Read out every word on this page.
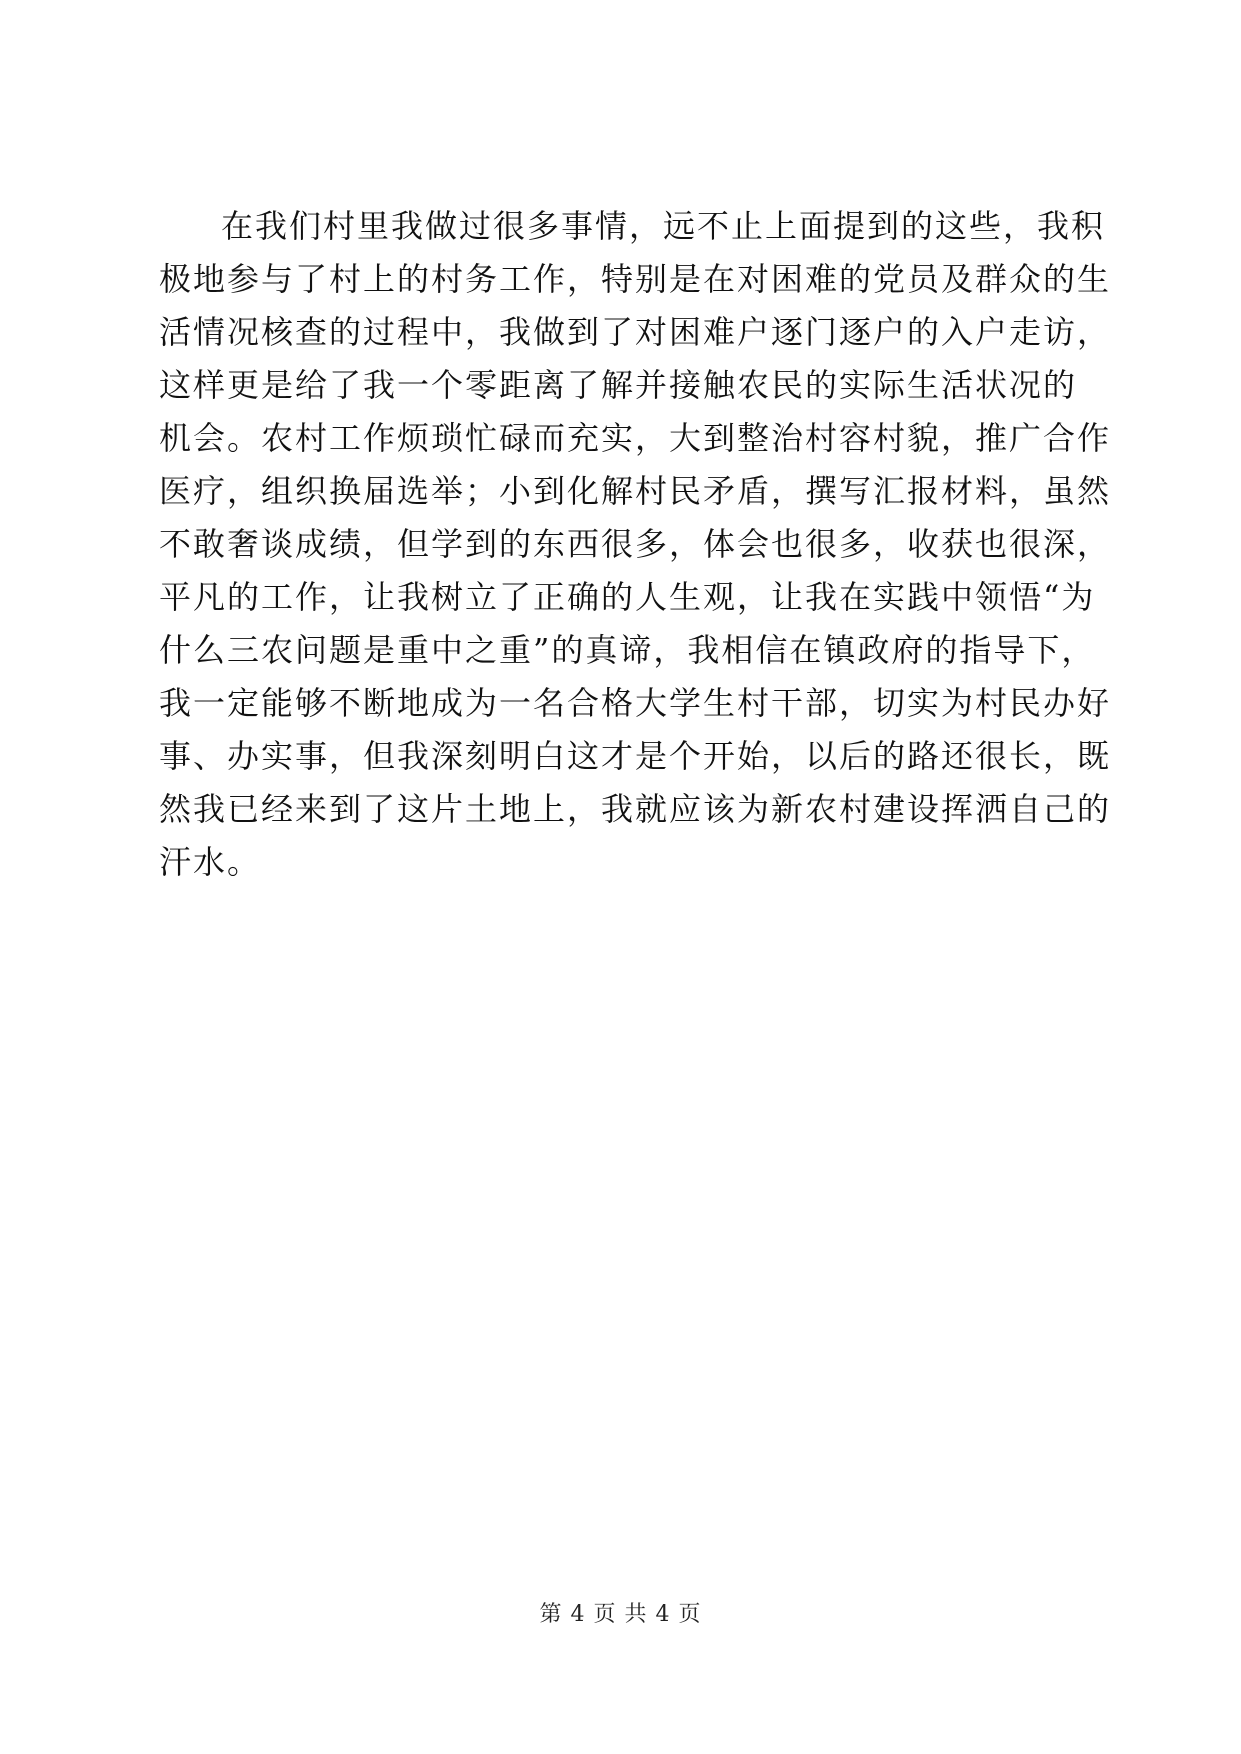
在我们村里我做过很多事情，远不止上面提到的这些，我积
极地参与了村上的村务工作，特别是在对困难的党员及群众的生
活情况核查的过程中，我做到了对困难户逐门逐户的入户走访，
这样更是给了我一个零距离了解并接触农民的实际生活状况的
机会。农村工作烦琐忙碌而充实，大到整治村容村貌，推广合作
医疗，组织换届选举；小到化解村民矛盾，撰写汇报材料，虽然
不敢奢谈成绩，但学到的东西很多，体会也很多，收获也很深，
平凡的工作，让我树立了正确的人生观，让我在实践中领悟“为
什么三农问题是重中之重”的真谛，我相信在镇政府的指导下，
我一定能够不断地成为一名合格大学生村干部，切实为村民办好
事、办实事，但我深刻明白这才是个开始，以后的路还很长，既
然我已经来到了这片土地上，我就应该为新农村建设挥洒自己的
汗水。
第 4 页 共 4 页
